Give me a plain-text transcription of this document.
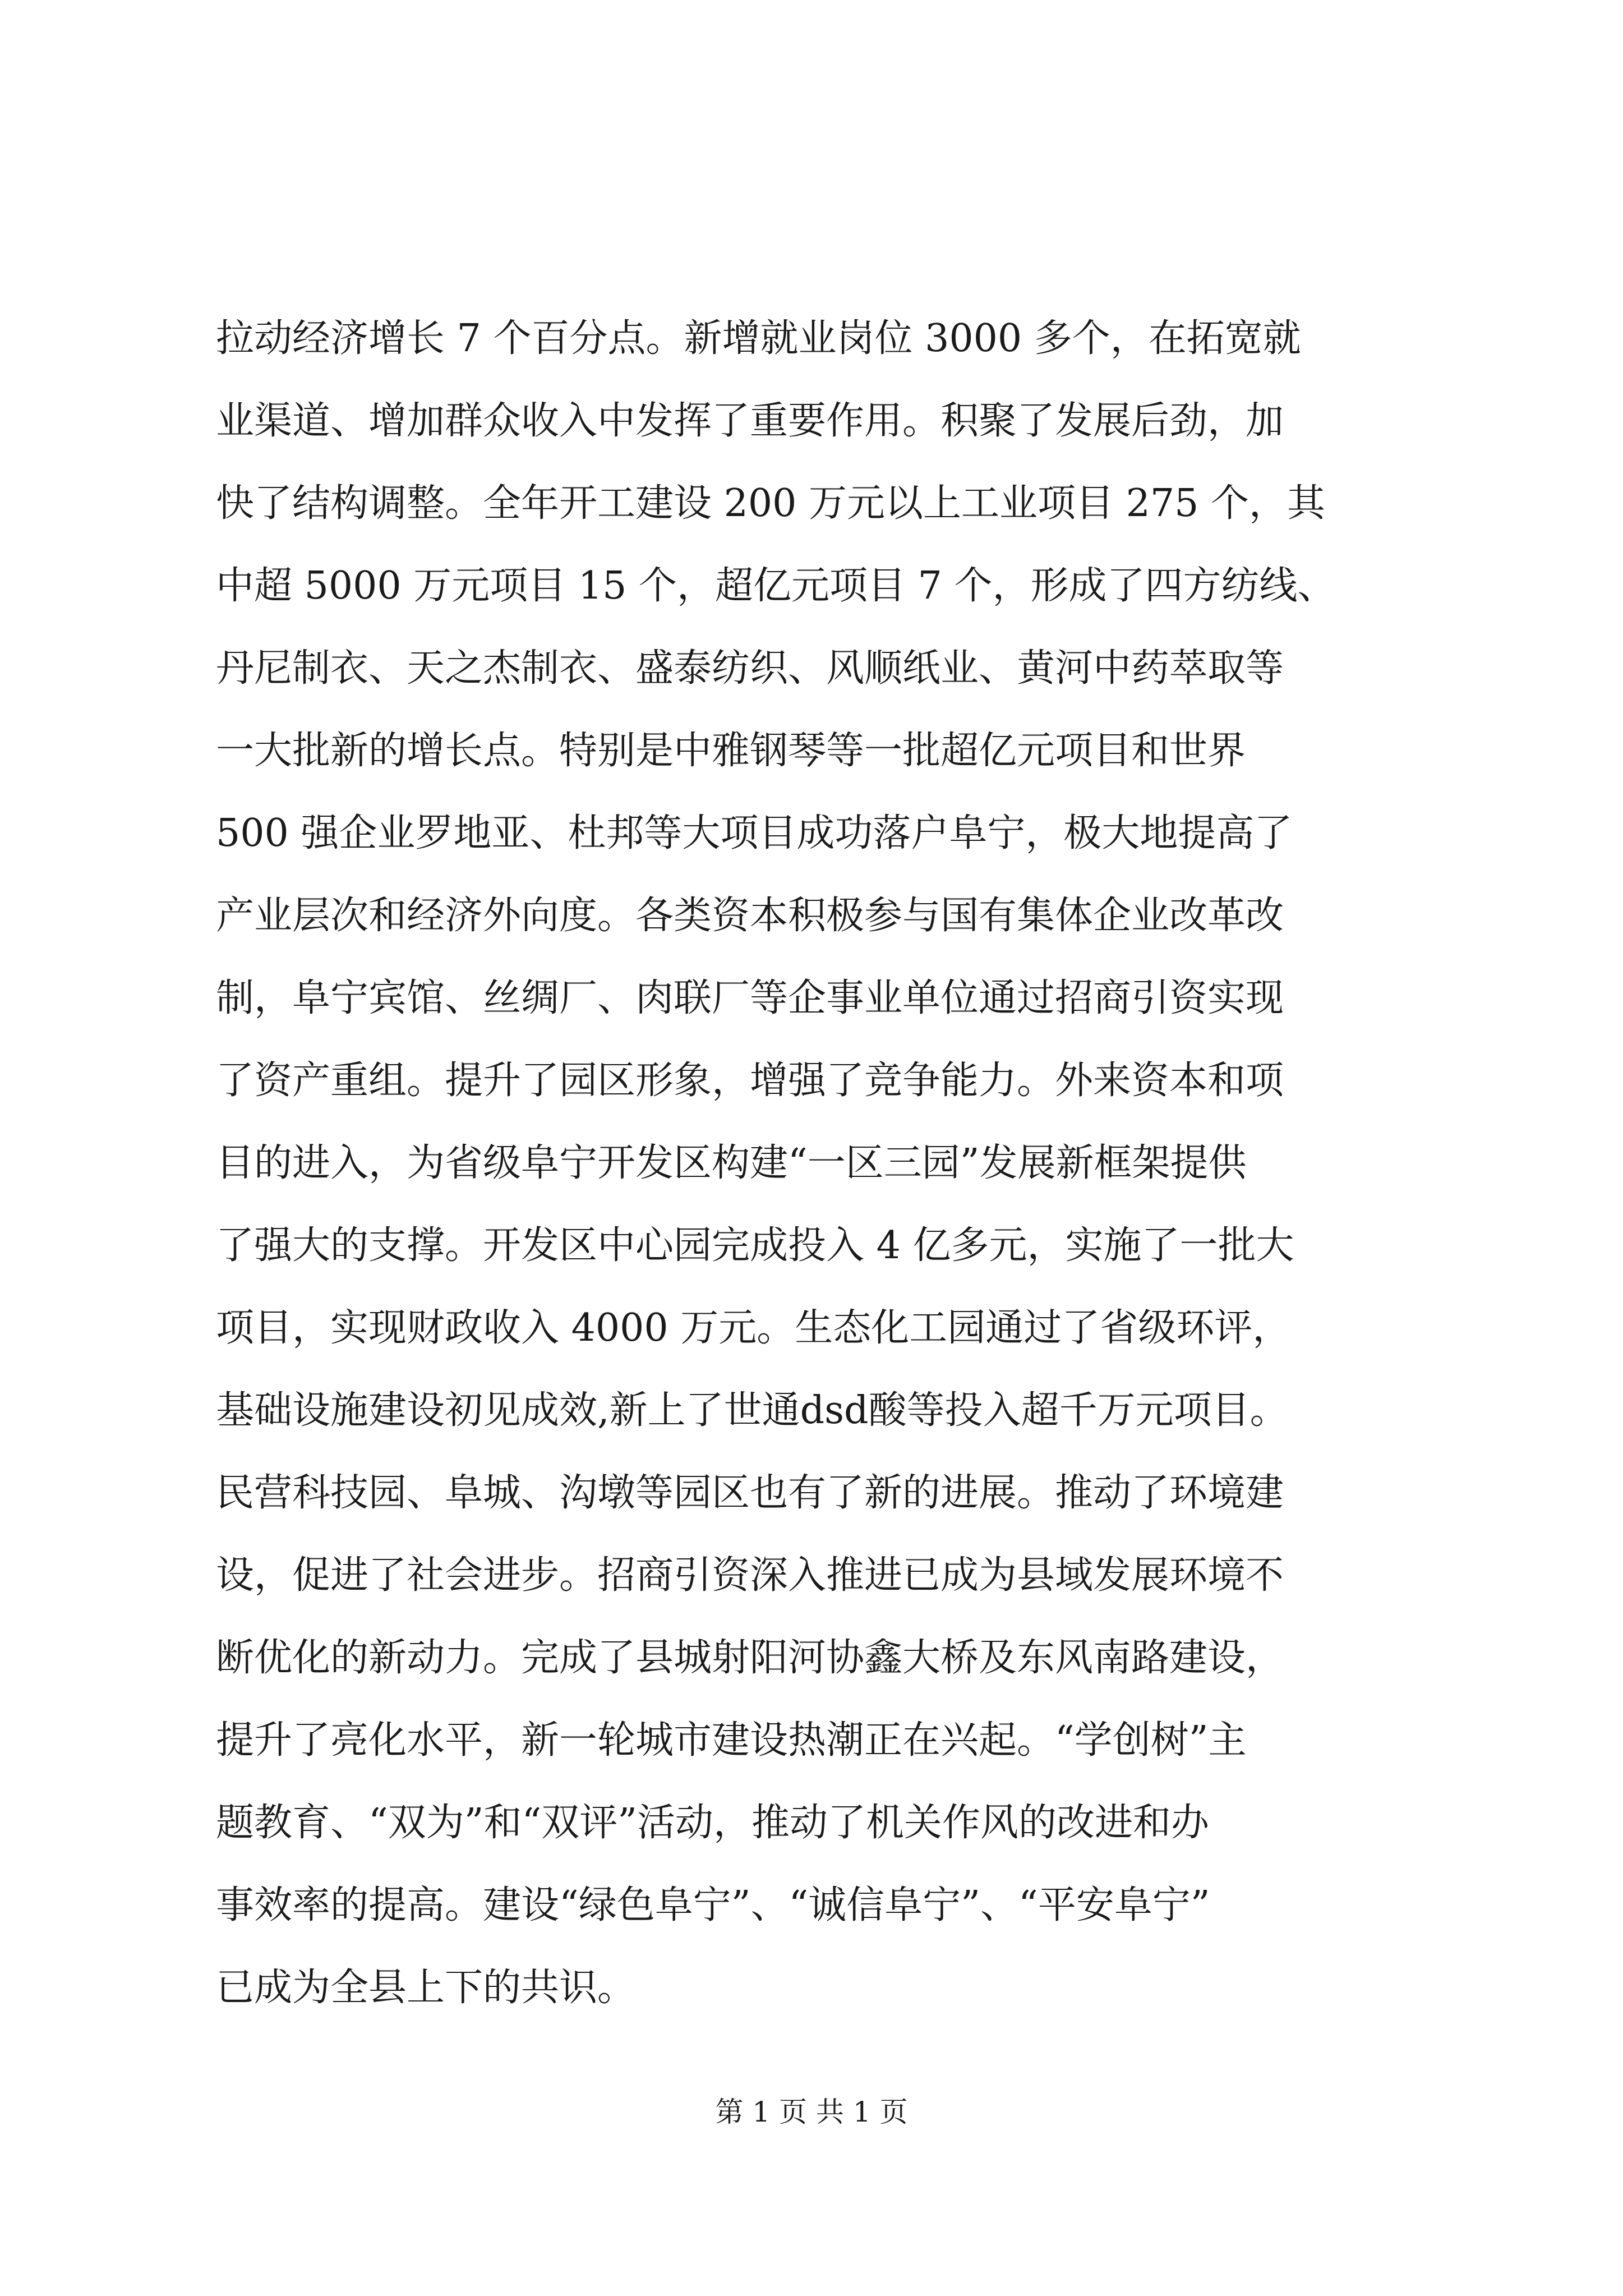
拉动经济增长 7 个百分点。新增就业岗位 3000 多个，在拓宽就
业渠道、增加群众收入中发挥了重要作用。积聚了发展后劲，加
快了结构调整。全年开工建设 200 万元以上工业项目 275 个，其
中超 5000 万元项目 15 个，超亿元项目 7 个，形成了四方纺线、
丹尼制衣、天之杰制衣、盛泰纺织、风顺纸业、黄河中药萃取等
一大批新的增长点。特别是中雅钢琴等一批超亿元项目和世界
500 强企业罗地亚、杜邦等大项目成功落户阜宁，极大地提高了
产业层次和经济外向度。各类资本积极参与国有集体企业改革改
制，阜宁宾馆、丝绸厂、肉联厂等企事业单位通过招商引资实现
了资产重组。提升了园区形象，增强了竞争能力。外来资本和项
目的进入，为省级阜宁开发区构建“一区三园”发展新框架提供
了强大的支撑。开发区中心园完成投入 4 亿多元，实施了一批大
项目，实现财政收入 4000 万元。生态化工园通过了省级环评，
基础设施建设初见成效,新上了世通dsd酸等投入超千万元项目。
民营科技园、阜城、沟墩等园区也有了新的进展。推动了环境建
设，促进了社会进步。招商引资深入推进已成为县域发展环境不
断优化的新动力。完成了县城射阳河协鑫大桥及东风南路建设，
提升了亮化水平，新一轮城市建设热潮正在兴起。“学创树”主
题教育、“双为”和“双评”活动，推动了机关作风的改进和办
事效率的提高。建设“绿色阜宁”、“诚信阜宁”、“平安阜宁”
已成为全县上下的共识。
第 1 页 共 1 页
